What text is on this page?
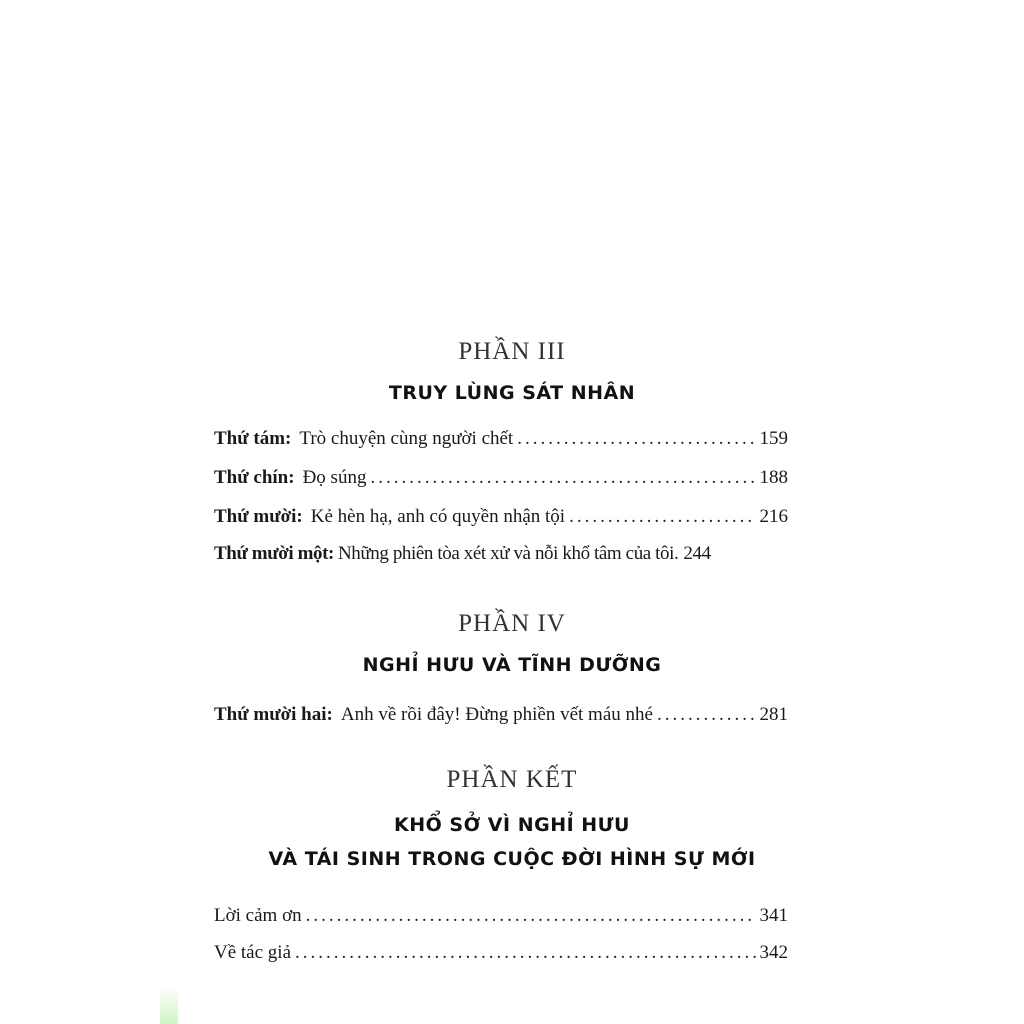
PHẦN III
TRUY LÙNG SÁT NHÂN
Thứ tám: Trò chuyện cùng người chết .....	159
Thứ chín: Đọ súng .....	188
Thứ mười: Kẻ hèn hạ, anh có quyền nhận tội .....	216
Thứ mười một: Những phiên tòa xét xử và nỗi khổ tâm của tôi. 244
PHẦN IV
NGHỈ HƯU VÀ TĨNH DƯỠNG
Thứ mười hai: Anh về rồi đây! Đừng phiền vết máu nhé .....	281
PHẦN KẾT
KHỔ SỞ VÌ NGHỈ HƯU
VÀ TÁI SINH TRONG CUỘC ĐỜI HÌNH SỰ MỚI
Lời cảm ơn .....	341
Về tác giả .....	342
